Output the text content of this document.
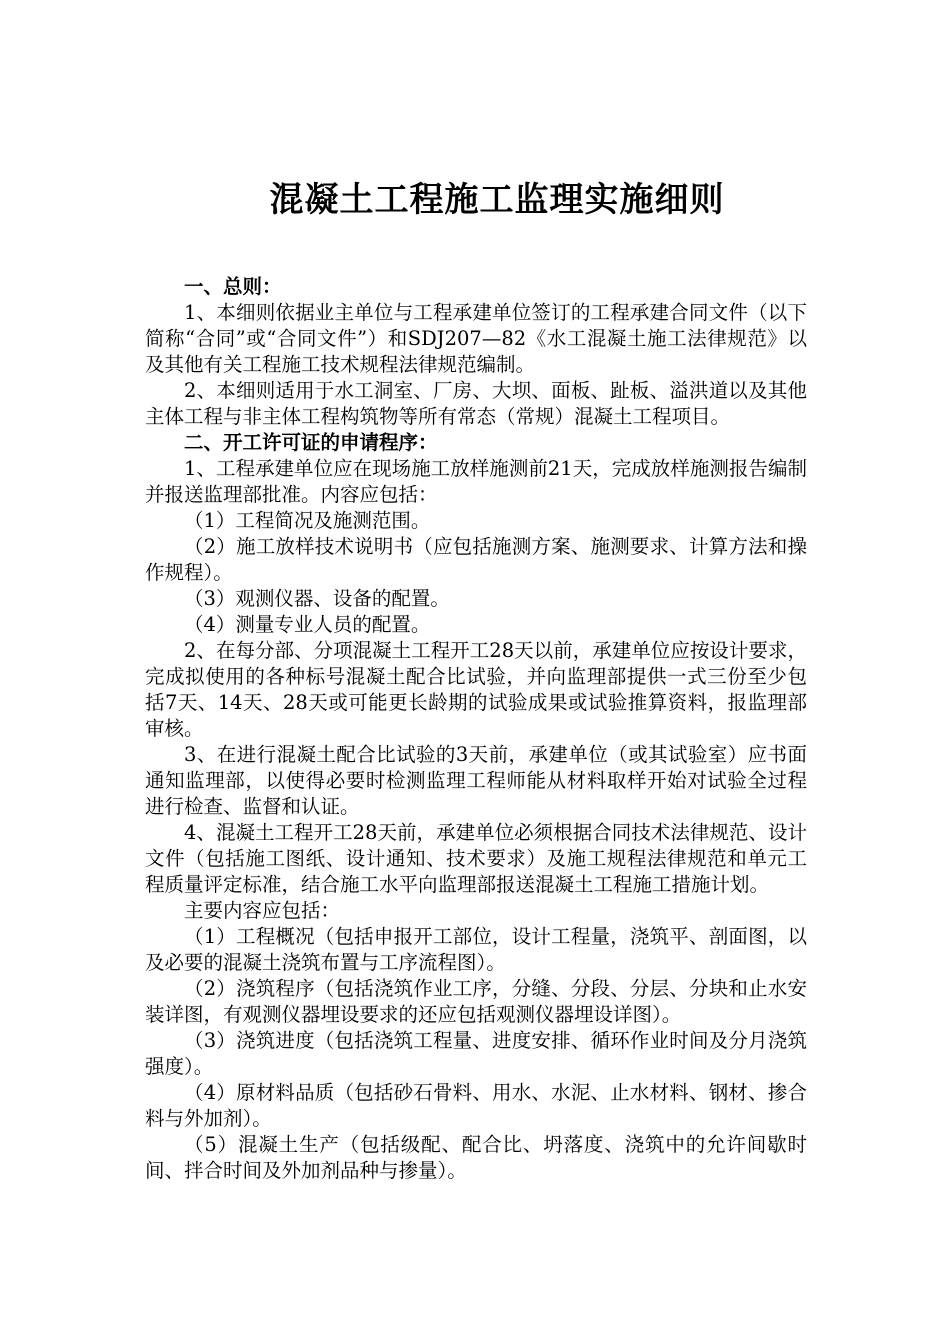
混凝土工程施工监理实施细则

一、总则：

1、本细则依据业主单位与工程承建单位签订的工程承建合同文件（以下简称“合同”或“合同文件”）和SDJ207—82《水工混凝土施工法律规范》以及其他有关工程施工技术规程法律规范编制。

2、本细则适用于水工洞室、厂房、大坝、面板、趾板、溢洪道以及其他主体工程与非主体工程构筑物等所有常态（常规）混凝土工程项目。

二、开工许可证的申请程序：

1、工程承建单位应在现场施工放样施测前21天，完成放样施测报告编制并报送监理部批准。内容应包括：

（1）工程简况及施测范围。

（2）施工放样技术说明书（应包括施测方案、施测要求、计算方法和操作规程）。

（3）观测仪器、设备的配置。

（4）测量专业人员的配置。

2、在每分部、分项混凝土工程开工28天以前，承建单位应按设计要求，完成拟使用的各种标号混凝土配合比试验，并向监理部提供一式三份至少包括7天、14天、28天或可能更长龄期的试验成果或试验推算资料，报监理部审核。

3、在进行混凝土配合比试验的3天前，承建单位（或其试验室）应书面通知监理部，以使得必要时检测监理工程师能从材料取样开始对试验全过程进行检查、监督和认证。

4、混凝土工程开工28天前，承建单位必须根据合同技术法律规范、设计文件（包括施工图纸、设计通知、技术要求）及施工规程法律规范和单元工程质量评定标准，结合施工水平向监理部报送混凝土工程施工措施计划。

主要内容应包括：

（1）工程概况（包括申报开工部位，设计工程量，浇筑平、剖面图，以及必要的混凝土浇筑布置与工序流程图）。

（2）浇筑程序（包括浇筑作业工序，分缝、分段、分层、分块和止水安装详图，有观测仪器埋设要求的还应包括观测仪器埋设详图）。

（3）浇筑进度（包括浇筑工程量、进度安排、循环作业时间及分月浇筑强度）。

（4）原材料品质（包括砂石骨料、用水、水泥、止水材料、钢材、掺合料与外加剂）。

（5）混凝土生产（包括级配、配合比、坍落度、浇筑中的允许间歇时间、拌合时间及外加剂品种与掺量）。
